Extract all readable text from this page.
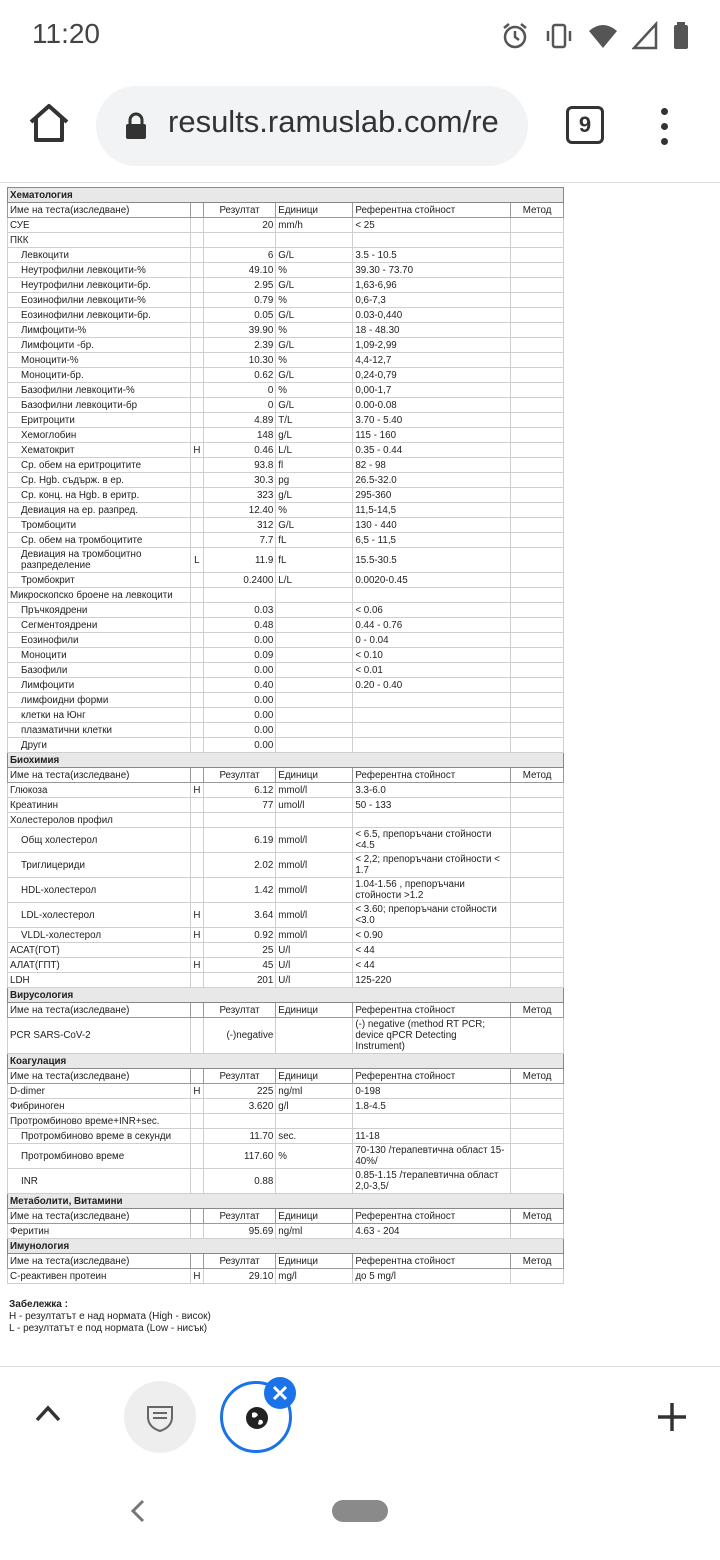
11:20
results.ramuslab.com/re	9
Хематология					
Име на теста(изследване)		Резултат	Единици	Референтна стойност	Метод
СУЕ		20	mm/h	< 25	
ПКК					
Левкоцити		6	G/L	3.5 - 10.5	
Неутрофилни левкоцити-%		49.10	%	39.30 - 73.70	
Неутрофилни левкоцити-бр.		2.95	G/L	1,63-6,96	
Еозинофилни левкоцити-%		0.79	%	0,6-7,3	
Еозинофилни левкоцити-бр.		0.05	G/L	0.03-0,440	
Лимфоцити-%		39.90	%	18 - 48.30	
Лимфоцити -бр.		2.39	G/L	1,09-2,99	
Моноцити-%		10.30	%	4,4-12,7	
Моноцити-бр.		0.62	G/L	0,24-0,79	
Базофилни левкоцити-%		0	%	0,00-1,7	
Базофилни левкоцити-бр		0	G/L	0.00-0.08	
Еритроцити		4.89	T/L	3.70 - 5.40	
Хемоглобин		148	g/L	115 - 160	
Хематокрит	H	0.46	L/L	0.35 - 0.44	
Ср. обем на еритроцитите		93.8	fl	82 - 98	
Ср. Hgb. съдърж. в ер.		30.3	pg	26.5-32.0	
Ср. конц. на Hgb. в еритр.		323	g/L	295-360	
Девиация на ер. разпред.		12.40	%	11,5-14,5	
Тромбоцити		312	G/L	130 - 440	
Ср. обем на тромбоцитите		7.7	fL	6,5 - 11,5	
Девиация на тромбоцитно разпределение	L	11.9	fL	15.5-30.5	
Тромбокрит		0.2400	L/L	0.0020-0.45	
Микроскопско броене на левкоцити					
Пръчкоядрени		0.03		< 0.06	
Сегментоядрени		0.48		0.44 - 0.76	
Еозинофили		0.00		0 - 0.04	
Моноцити		0.09		< 0.10	
Базофили		0.00		< 0.01	
Лимфоцити		0.40		0.20 - 0.40	
лимфоидни форми		0.00			
клетки на Юнг		0.00			
плазматични клетки		0.00			
Други		0.00			
Биохимия					
Име на теста(изследване)		Резултат	Единици	Референтна стойност	Метод
Глюкоза	H	6.12	mmol/l	3.3-6.0	
Креатинин		77	umol/l	50 - 133	
Холестеролов профил					
Общ холестерол		6.19	mmol/l	< 6.5, препоръчани стойности <4.5	
Триглицериди		2.02	mmol/l	< 2,2; препоръчани стойности < 1.7	
HDL-холестерол		1.42	mmol/l	1.04-1.56 , препоръчани стойности >1.2	
LDL-холестерол	H	3.64	mmol/l	< 3.60; препоръчани стойности <3.0	
VLDL-холестерол	H	0.92	mmol/l	< 0.90	
АСАТ(ГОТ)		25	U/l	< 44	
АЛАТ(ГПТ)	H	45	U/l	< 44	
LDH		201	U/l	125-220	
Вирусология					
Име на теста(изследване)		Резултат	Единици	Референтна стойност	Метод
PCR SARS-CoV-2		(-)negative		(-) negative (method RT PCR; device qPCR Detecting Instrument)	
Коагулация					
Име на теста(изследване)		Резултат	Единици	Референтна стойност	Метод
D-dimer	H	225	ng/ml	0-198	
Фибриноген		3.620	g/l	1.8-4.5	
Протромбиново време+INR+sec.					
Протромбиново време в секунди		11.70	sec.	11-18	
Протромбиново време		117.60	%	70-130 /терапевтична област 15-40%/	
INR		0.88		0.85-1.15 /терапевтична област 2,0-3,5/	
Метаболити, Витамини					
Име на теста(изследване)		Резултат	Единици	Референтна стойност	Метод
Феритин		95.69	ng/ml	4.63 - 204	
Имунология					
Име на теста(изследване)		Резултат	Единици	Референтна стойност	Метод
С-реактивен протеин	H	29.10	mg/l	до 5 mg/l	
Забележка :
H - резултатът е над нормата (High - висок)
L - резултатът е под нормата (Low - нисък)
